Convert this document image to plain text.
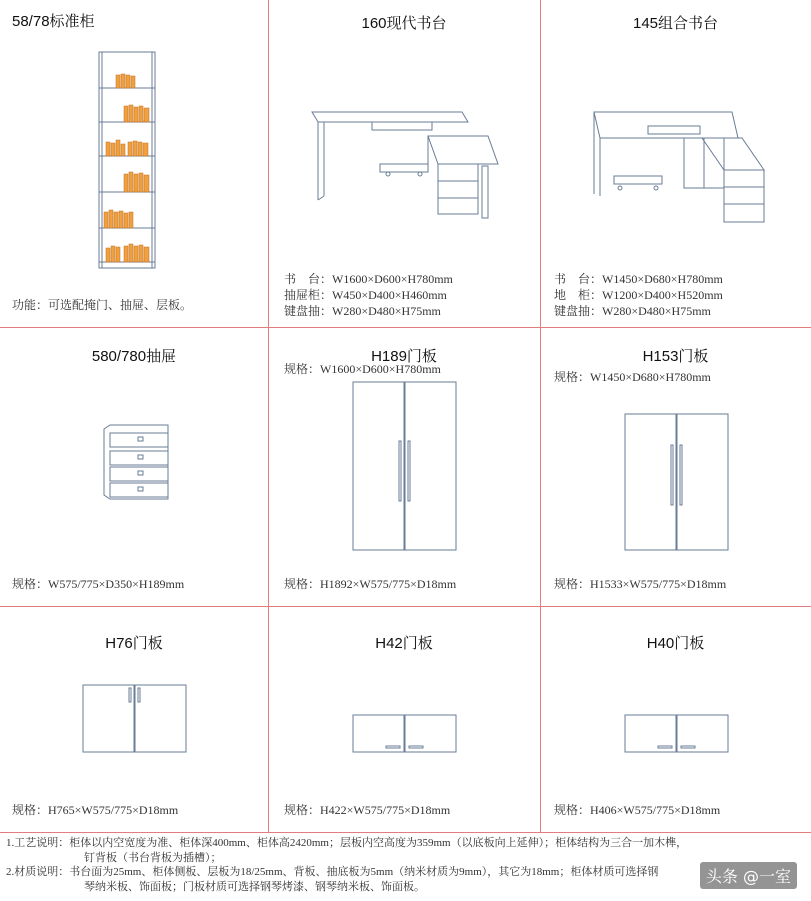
58/78标准柜
功能：可选配掩门、抽屉、层板。
160现代书台
书　台：W1600×D600×H780mm
抽屉柜：W450×D400×H460mm
键盘抽：W280×D480×H75mm
145组合书台
书　台：W1450×D680×H780mm
地　柜：W1200×D400×H520mm
键盘抽：W280×D480×H75mm
580/780抽屉
规格：W575/775×D350×H189mm
H189门板
规格：W1600×D600×H780mm
规格：H1892×W575/775×D18mm
H153门板
规格：W1450×D680×H780mm
规格：H1533×W575/775×D18mm
H76门板
规格：H765×W575/775×D18mm
H42门板
规格：H422×W575/775×D18mm
H40门板
规格：H406×W575/775×D18mm
1.工艺说明：柜体以内空宽度为准、柜体深400mm、柜体高2420mm；层板内空高度为359mm（以底板向上延伸）；柜体结构为三合一加木榫，
钉背板（书台背板为插槽）；
2.材质说明：书台面为25mm、柜体侧板、层板为18/25mm、背板、抽底板为5mm（纳米材质为9mm），其它为18mm；柜体材质可选择钢
琴纳米板、饰面板；门板材质可选择钢琴烤漆、钢琴纳米板、饰面板。
头条 @一室
